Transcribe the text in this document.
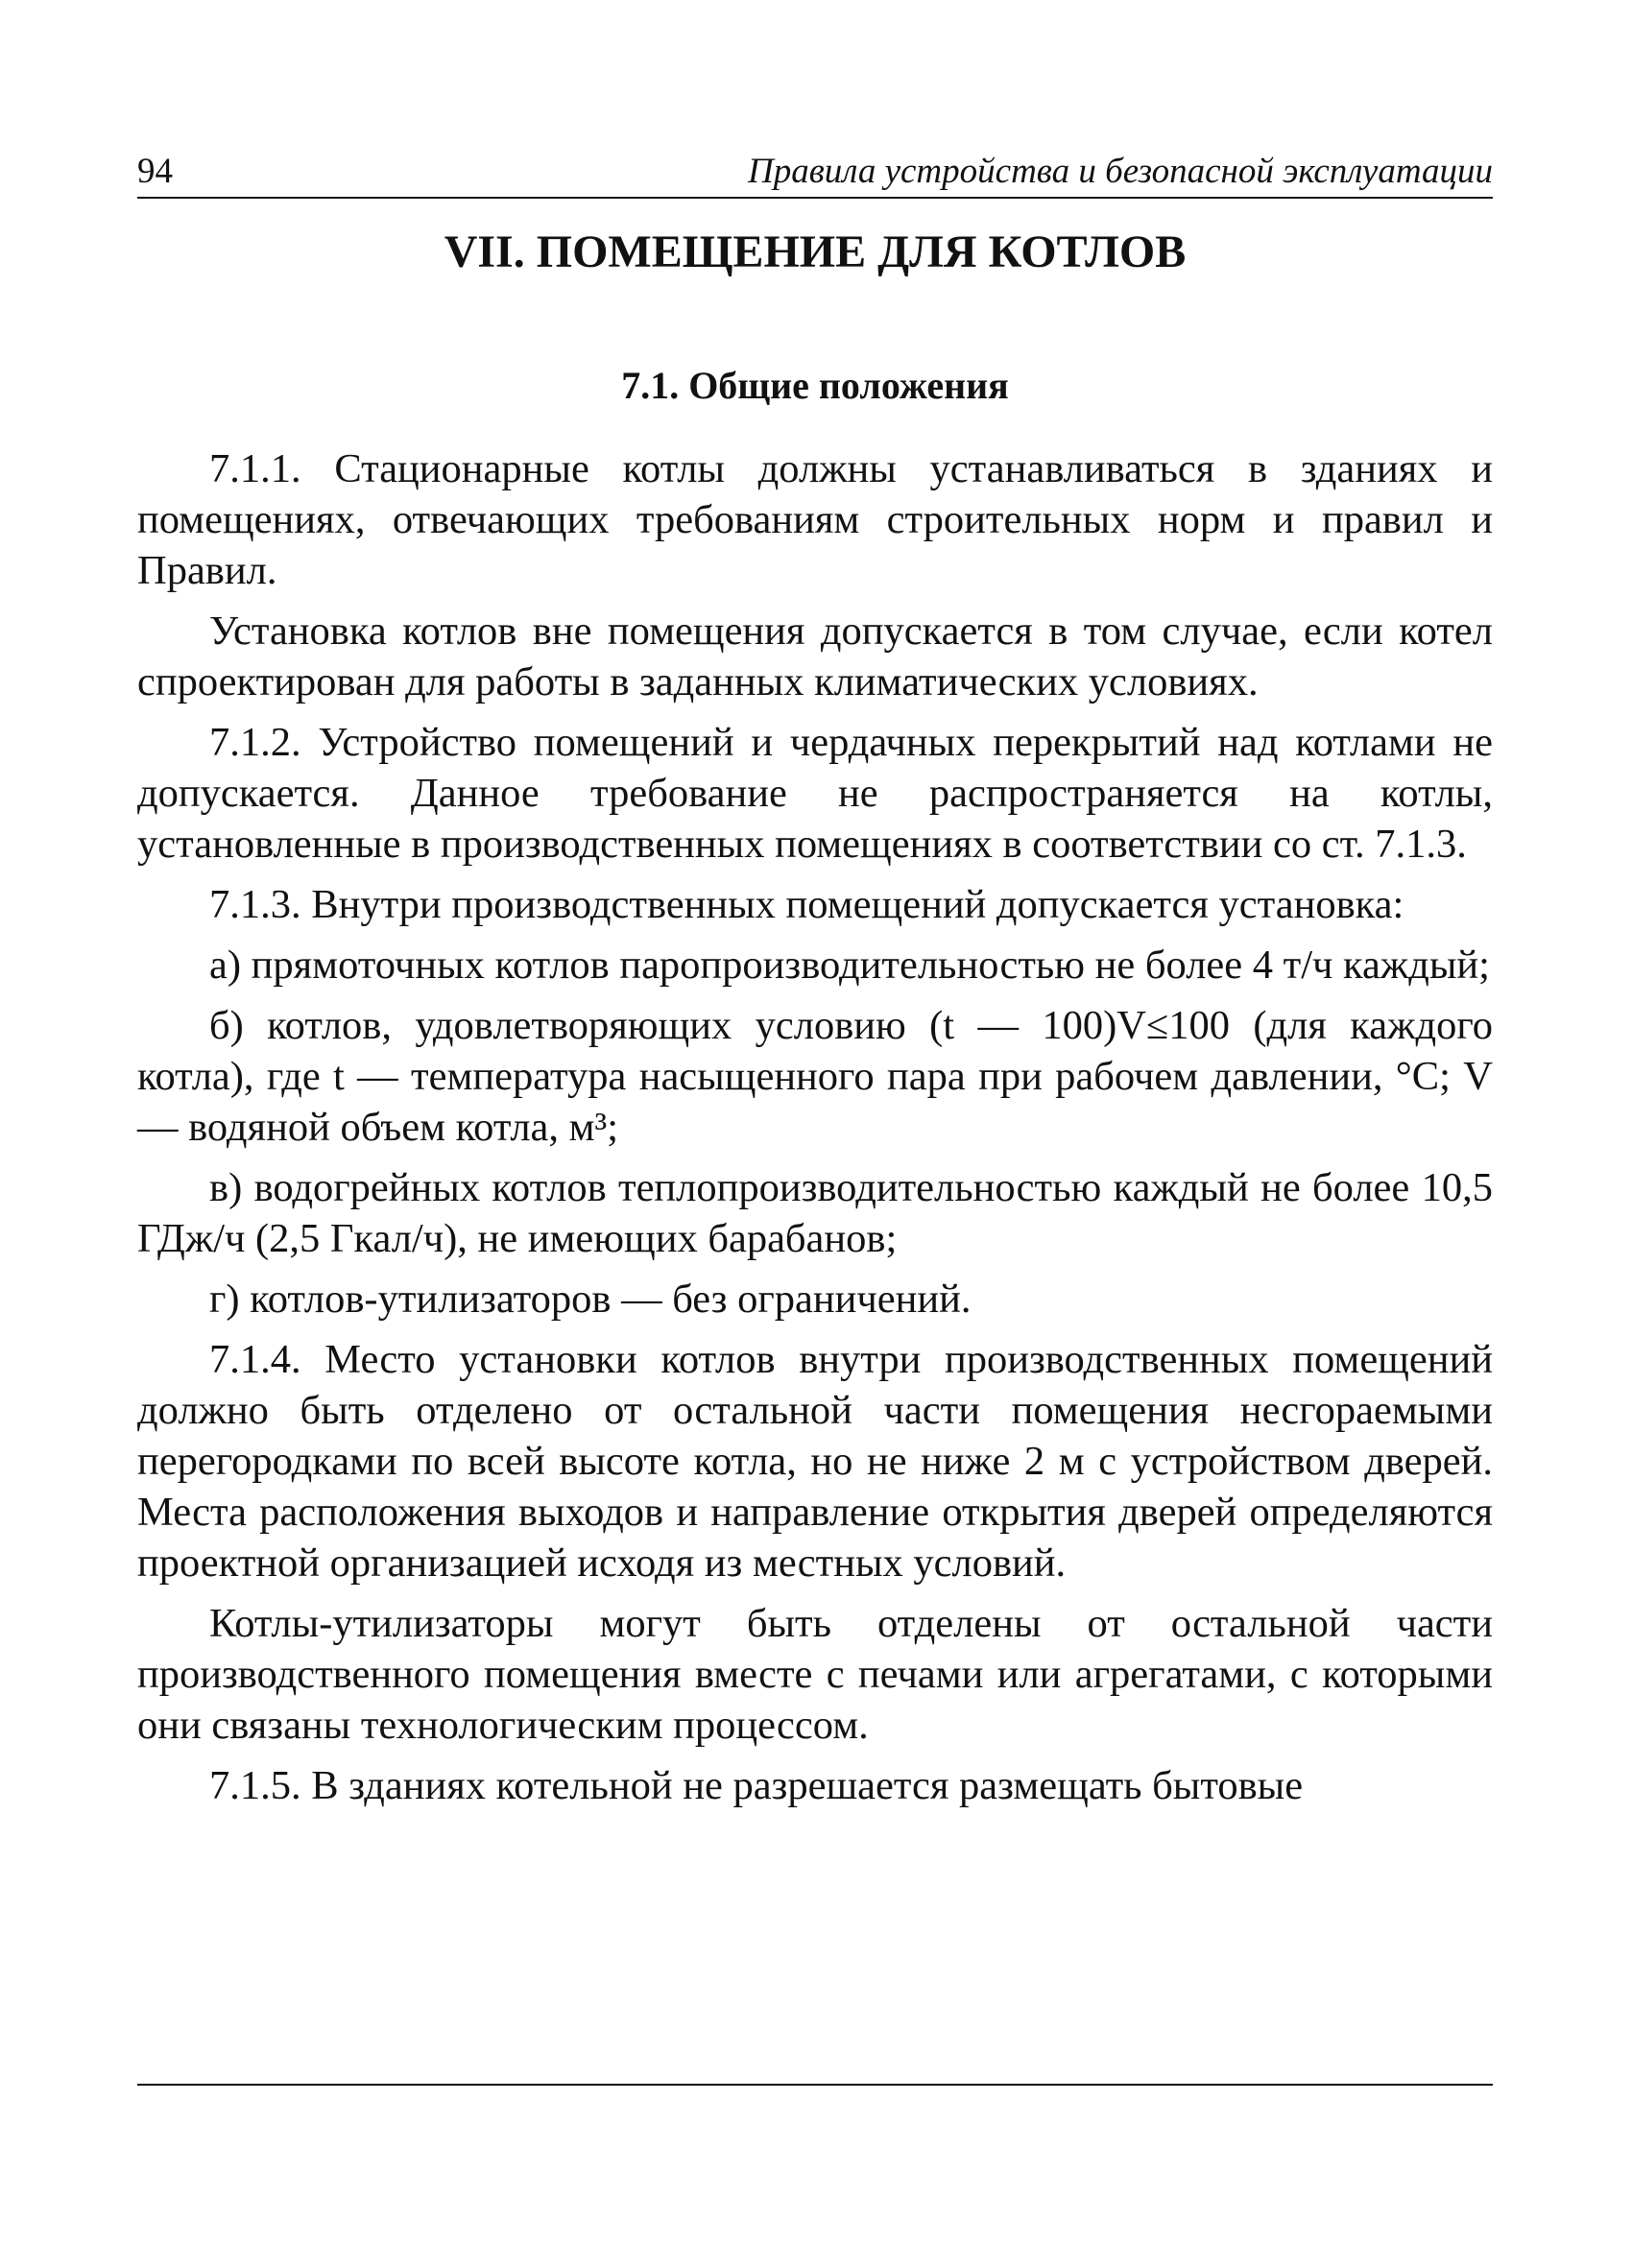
94	Правила устройства и безопасной эксплуатации
VII. ПОМЕЩЕНИЕ ДЛЯ КОТЛОВ
7.1. Общие положения

7.1.1. Стационарные котлы должны устанавливаться в зданиях и помещениях, отвечающих требованиям строительных норм и правил и Правил.

Установка котлов вне помещения допускается в том случае, если котел спроектирован для работы в заданных климатических условиях.

7.1.2. Устройство помещений и чердачных перекрытий над котлами не допускается. Данное требование не распространяется на котлы, установленные в производственных помещениях в соответствии со ст. 7.1.3.

7.1.3. Внутри производственных помещений допускается установка:

а) прямоточных котлов паропроизводительностью не более 4 т/ч каждый;

б) котлов, удовлетворяющих условию (t — 100)V≤100 (для каждого котла), где t — температура насыщенного пара при рабочем давлении, °С; V — водяной объем котла, м³;

в) водогрейных котлов теплопроизводительностью каждый не более 10,5 ГДж/ч (2,5 Гкал/ч), не имеющих барабанов;

г) котлов-утилизаторов — без ограничений.

7.1.4. Место установки котлов внутри производственных помещений должно быть отделено от остальной части помещения несгораемыми перегородками по всей высоте котла, но не ниже 2 м с устройством дверей. Места расположения выходов и направление открытия дверей определяются проектной организацией исходя из местных условий.

Котлы-утилизаторы могут быть отделены от остальной части производственного помещения вместе с печами или агрегатами, с которыми они связаны технологическим процессом.

7.1.5. В зданиях котельной не разрешается размещать бытовые
